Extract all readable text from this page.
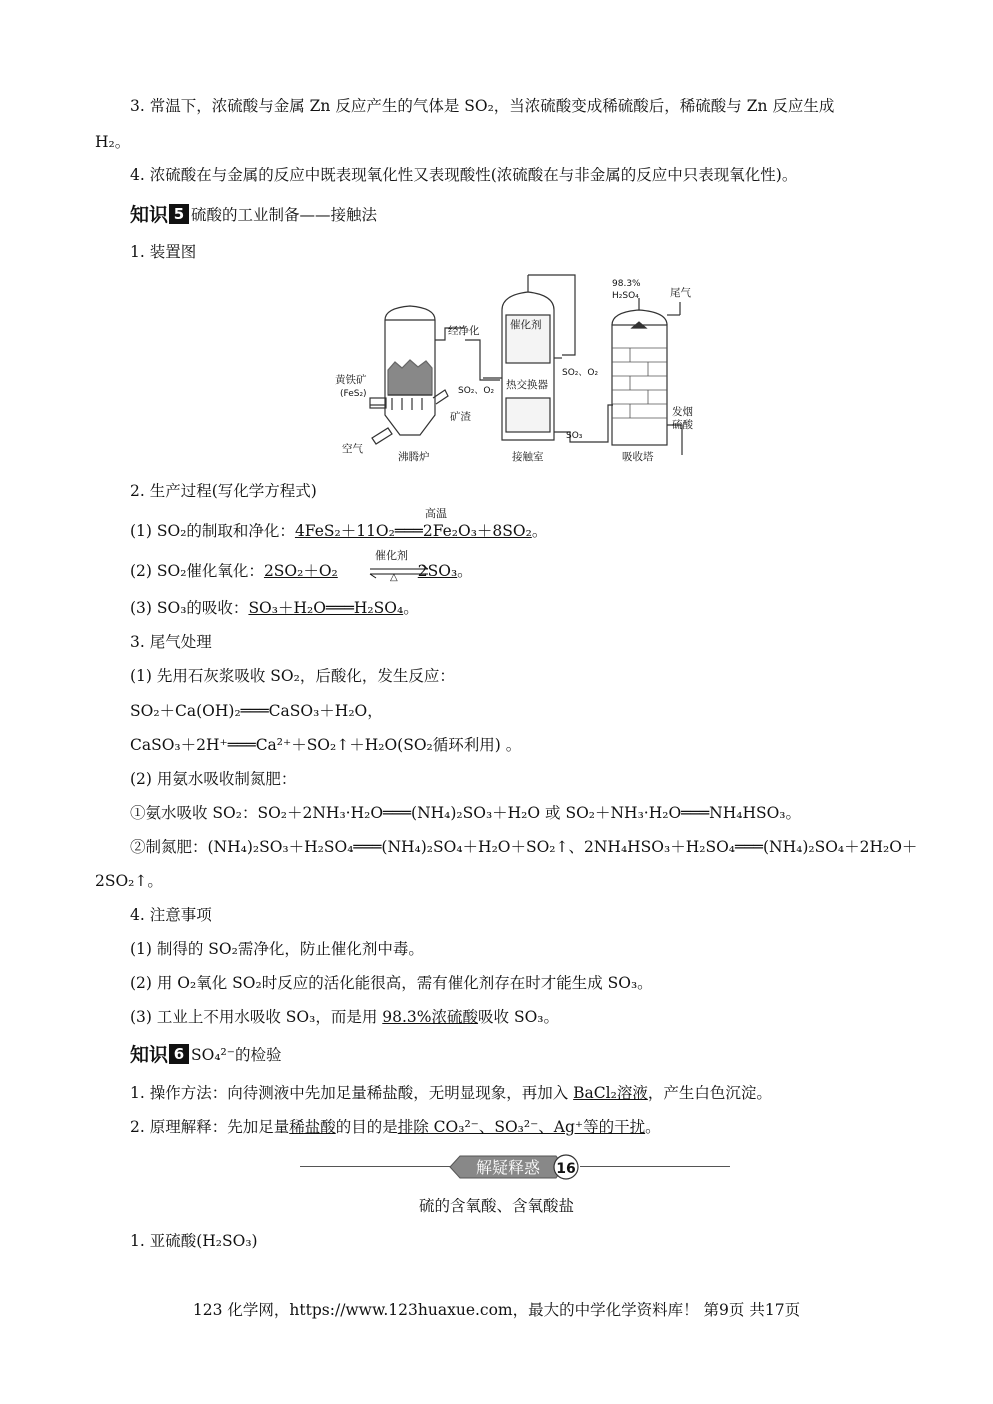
3. 常温下，浓硫酸与金属 Zn 反应产生的气体是 SO₂，当浓硫酸变成稀硫酸后，稀硫酸与 Zn 反应生成
H₂。
4. 浓硫酸在与金属的反应中既表现氧化性又表现酸性(浓硫酸在与非金属的反应中只表现氧化性)。
知识 5 硫酸的工业制备——接触法
1. 装置图
沸腾炉	接触室	吸收塔
黄铁矿
(FeS₂)
空气
矿渣
经净化
SO₂、O₂
催化剂
热交换器
SO₂、O₂
SO₃
98.3%
H₂SO₄	尾气
发烟
硫酸
2. 生产过程(写化学方程式)
(1) SO₂的制取和净化：4FeS₂＋11O₂═══2Fe₂O₃＋8SO₂。
高温
(2) SO₂催化氧化：2SO₂＋O₂	2SO₃。
催化剂
△
(3) SO₃的吸收：SO₃＋H₂O═══H₂SO₄。
3. 尾气处理
(1) 先用石灰浆吸收 SO₂，后酸化，发生反应：
SO₂＋Ca(OH)₂═══CaSO₃＋H₂O，
CaSO₃＋2H⁺═══Ca²⁺＋SO₂↑＋H₂O(SO₂循环利用) 。
(2) 用氨水吸收制氮肥：
①氨水吸收 SO₂：SO₂＋2NH₃·H₂O═══(NH₄)₂SO₃＋H₂O 或 SO₂＋NH₃·H₂O═══NH₄HSO₃。
②制氮肥：(NH₄)₂SO₃＋H₂SO₄═══(NH₄)₂SO₄＋H₂O＋SO₂↑、2NH₄HSO₃＋H₂SO₄═══(NH₄)₂SO₄＋2H₂O＋
2SO₂↑。
4. 注意事项
(1) 制得的 SO₂需净化，防止催化剂中毒。
(2) 用 O₂氧化 SO₂时反应的活化能很高，需有催化剂存在时才能生成 SO₃。
(3) 工业上不用水吸收 SO₃，而是用 98.3%浓硫酸吸收 SO₃。
知识 6 SO₄²⁻的检验
1. 操作方法：向待测液中先加足量稀盐酸，无明显现象，再加入 BaCl₂溶液，产生白色沉淀。
2. 原理解释：先加足量稀盐酸的目的是排除 CO₃²⁻、SO₃²⁻、Ag⁺等的干扰。
解疑释惑 16
硫的含氧酸、含氧酸盐
1. 亚硫酸(H₂SO₃)
123 化学网，https://www.123huaxue.com，最大的中学化学资料库！ 第9页 共17页
